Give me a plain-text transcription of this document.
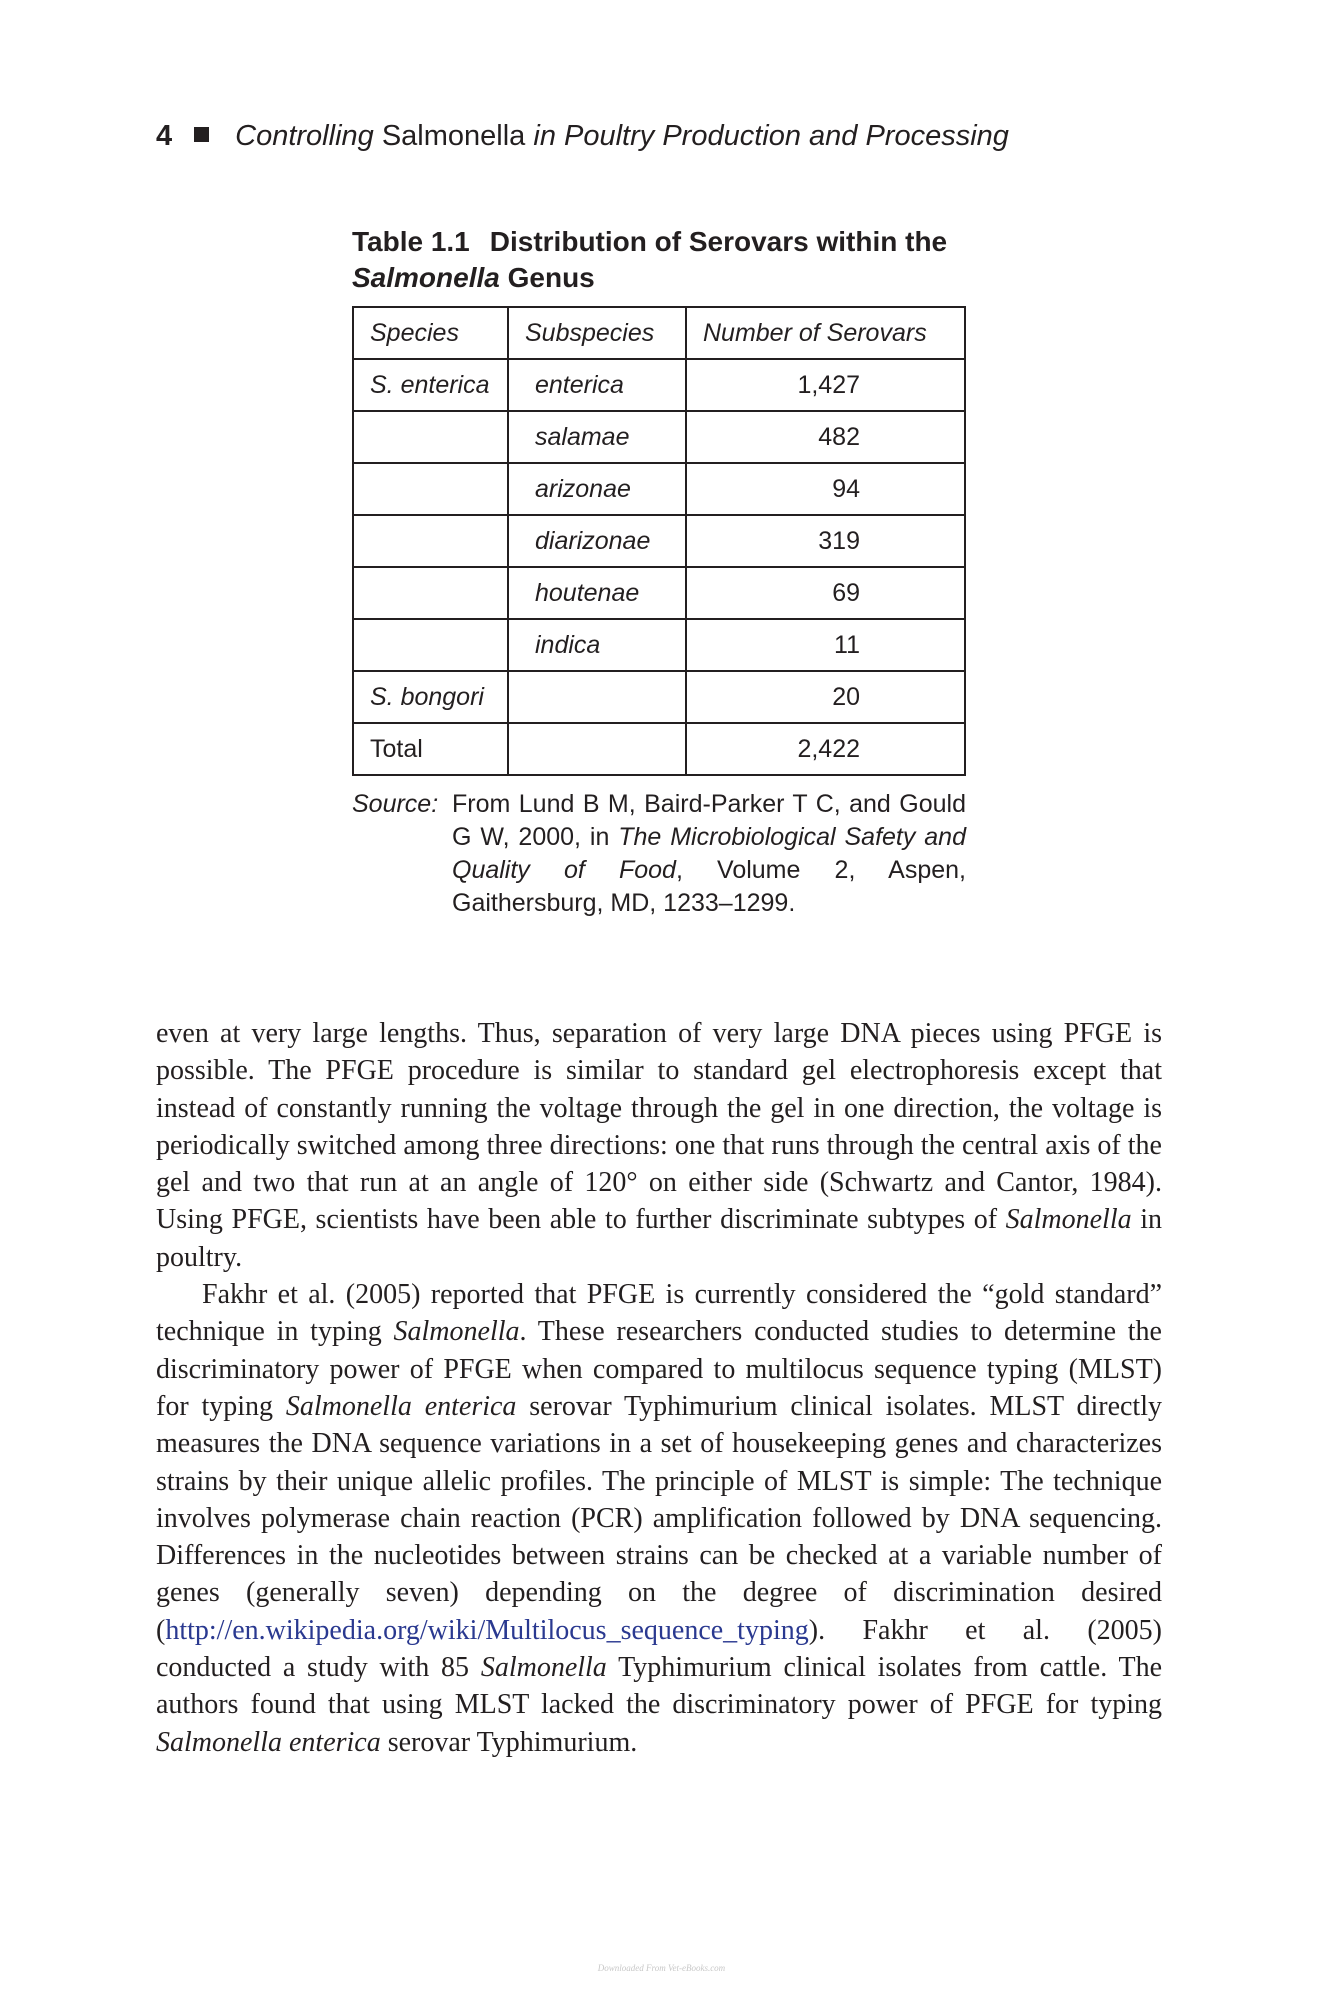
4 Controlling Salmonella in Poultry Production and Processing
Table 1.1 Distribution of Serovars within the
Salmonella Genus
Species	Subspecies	Number of Serovars
S. enterica	enterica	1,427
	salamae	482
	arizonae	94
	diarizonae	319
	houtenae	69
	indica	11
S. bongori		20
Total		2,422
Source: From Lund B M, Baird-Parker T C, and Gould G W, 2000, in The Microbiological Safety and Quality of Food, Volume 2, Aspen, Gaithersburg, MD, 1233–1299.

even at very large lengths. Thus, separation of very large DNA pieces using PFGE is possible. The PFGE procedure is similar to standard gel electrophoresis except that instead of constantly running the voltage through the gel in one direction, the voltage is periodically switched among three directions: one that runs through the central axis of the gel and two that run at an angle of 120° on either side (Schwartz and Cantor, 1984). Using PFGE, scientists have been able to further discriminate subtypes of Salmonella in poultry.

Fakhr et al. (2005) reported that PFGE is currently considered the “gold standard” technique in typing Salmonella. These researchers conducted studies to determine the discriminatory power of PFGE when compared to multilocus sequence typing (MLST) for typing Salmonella enterica serovar Typhimurium clinical isolates. MLST directly measures the DNA sequence variations in a set of housekeeping genes and characterizes strains by their unique allelic profiles. The principle of MLST is simple: The technique involves polymerase chain reaction (PCR) amplification followed by DNA sequencing. Differences in the nucleotides between strains can be checked at a variable number of genes (generally seven) depending on the degree of discrimination desired (http://en.wikipedia.org/wiki/Multilocus_sequence_typing). Fakhr et al. (2005) conducted a study with 85 Salmonella Typhimurium clinical isolates from cattle. The authors found that using MLST lacked the discriminatory power of PFGE for typing Salmonella enterica serovar Typhimurium.

Downloaded From Vet-eBooks.com
